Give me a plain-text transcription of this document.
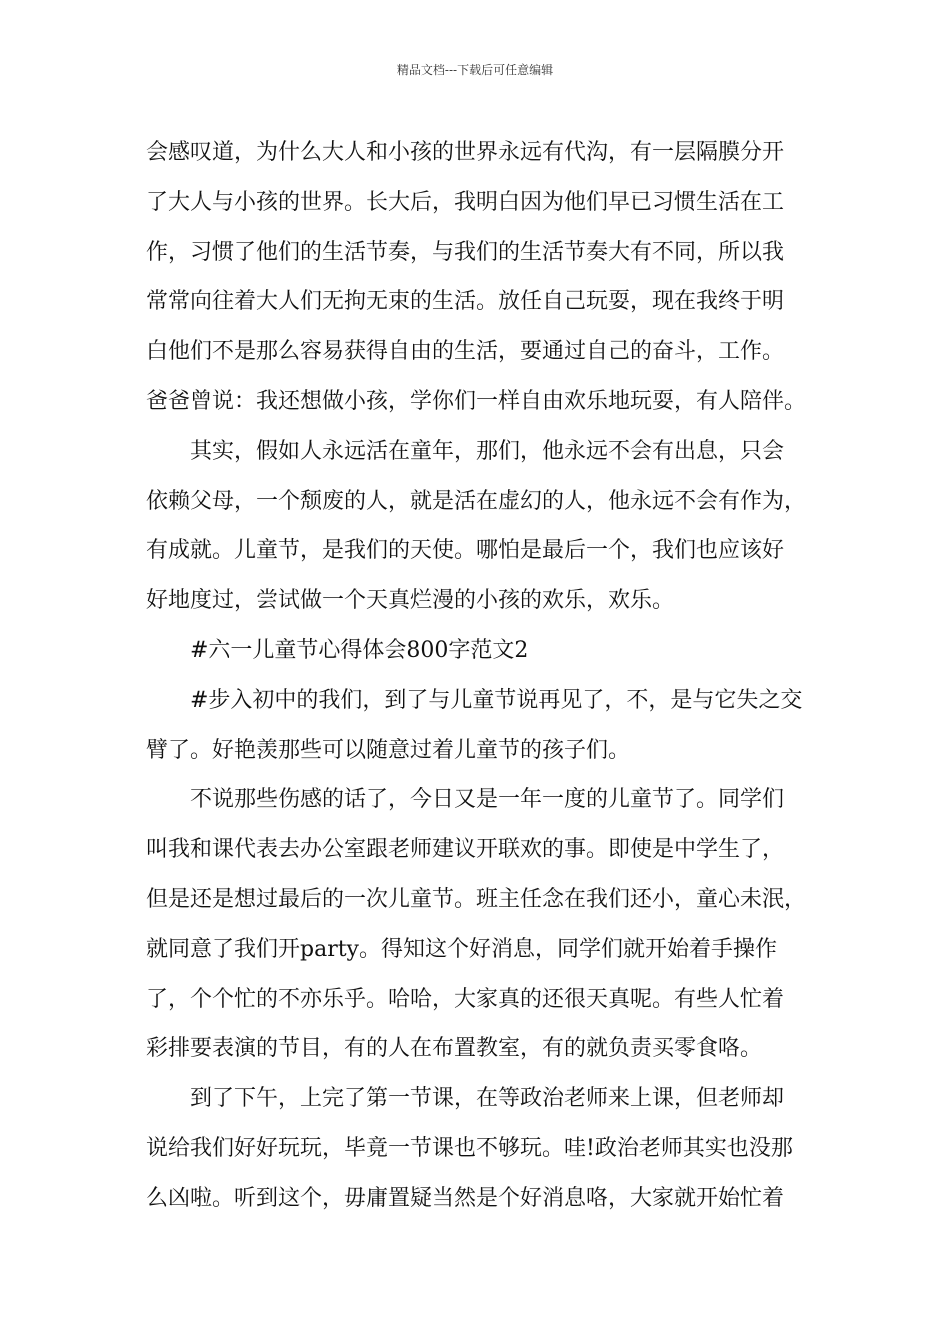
精品文档---下载后可任意编辑
会感叹道，为什么大人和小孩的世界永远有代沟，有一层隔膜分开
了大人与小孩的世界。长大后，我明白因为他们早已习惯生活在工
作，习惯了他们的生活节奏，与我们的生活节奏大有不同，所以我
常常向往着大人们无拘无束的生活。放任自己玩耍，现在我终于明
白他们不是那么容易获得自由的生活，要通过自己的奋斗，工作。
爸爸曾说：我还想做小孩，学你们一样自由欢乐地玩耍，有人陪伴。
其实，假如人永远活在童年，那们，他永远不会有出息，只会
依赖父母，一个颓废的人，就是活在虚幻的人，他永远不会有作为，
有成就。儿童节，是我们的天使。哪怕是最后一个，我们也应该好
好地度过，尝试做一个天真烂漫的小孩的欢乐，欢乐。
#六一儿童节心得体会800字范文2
#步入初中的我们，到了与儿童节说再见了，不，是与它失之交
臂了。好艳羡那些可以随意过着儿童节的孩子们。
不说那些伤感的话了，今日又是一年一度的儿童节了。同学们
叫我和课代表去办公室跟老师建议开联欢的事。即使是中学生了，
但是还是想过最后的一次儿童节。班主任念在我们还小，童心未泯，
就同意了我们开party。得知这个好消息，同学们就开始着手操作
了，个个忙的不亦乐乎。哈哈，大家真的还很天真呢。有些人忙着
彩排要表演的节目，有的人在布置教室，有的就负责买零食咯。
到了下午，上完了第一节课，在等政治老师来上课，但老师却
说给我们好好玩玩，毕竟一节课也不够玩。哇!政治老师其实也没那
么凶啦。听到这个，毋庸置疑当然是个好消息咯，大家就开始忙着
